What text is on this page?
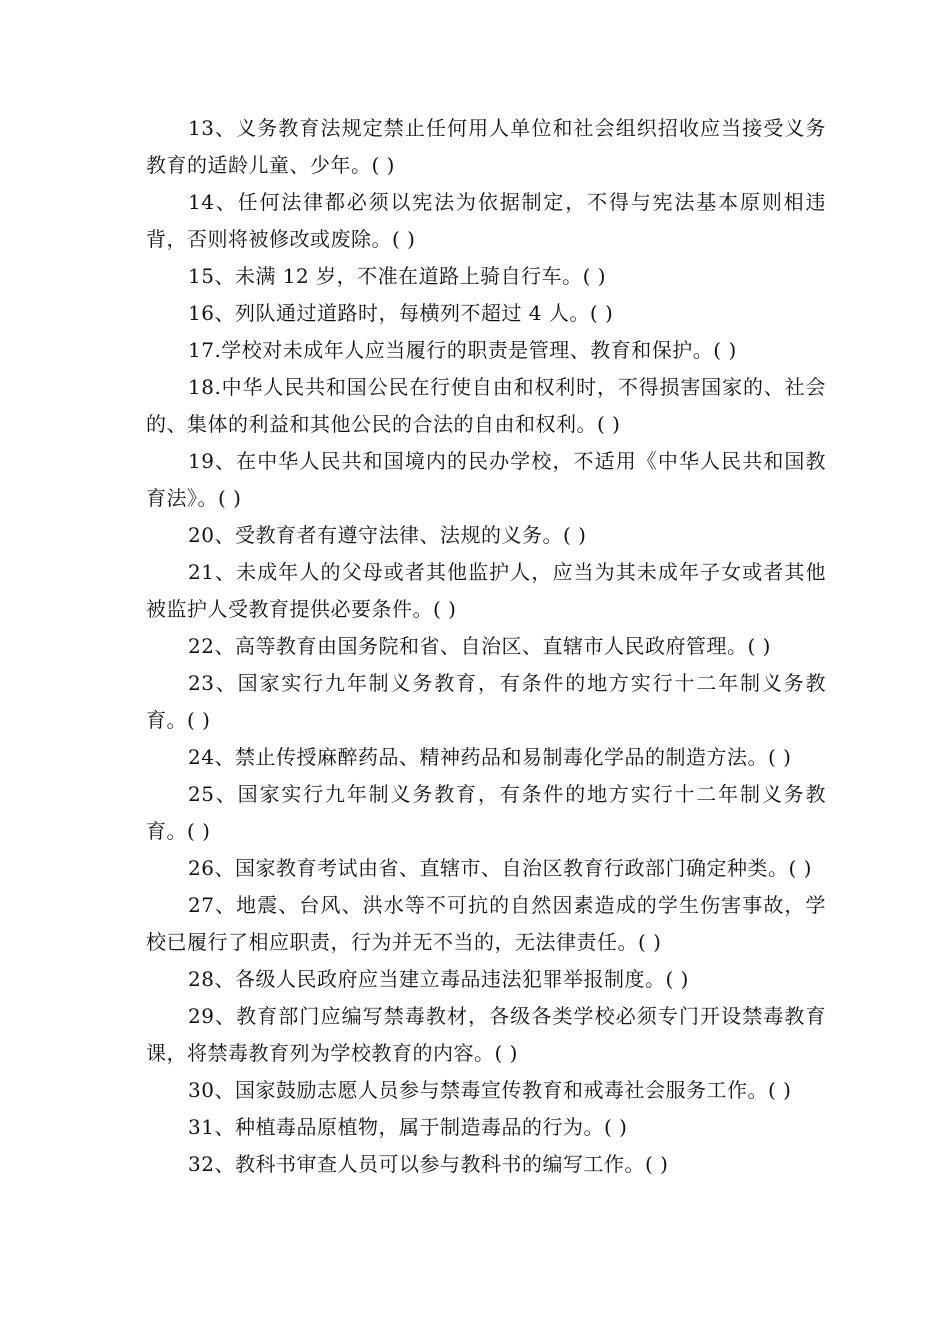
13、义务教育法规定禁止任何用人单位和社会组织招收应当接受义务教育的适龄儿童、少年。( )

14、任何法律都必须以宪法为依据制定，不得与宪法基本原则相违背，否则将被修改或废除。( )

15、未满 12 岁，不准在道路上骑自行车。( )

16、列队通过道路时，每横列不超过 4 人。( )

17.学校对未成年人应当履行的职责是管理、教育和保护。( )

18.中华人民共和国公民在行使自由和权利时，不得损害国家的、社会的、集体的利益和其他公民的合法的自由和权利。( )

19、在中华人民共和国境内的民办学校，不适用《中华人民共和国教育法》。( )

20、受教育者有遵守法律、法规的义务。( )

21、未成年人的父母或者其他监护人，应当为其未成年子女或者其他被监护人受教育提供必要条件。( )

22、高等教育由国务院和省、自治区、直辖市人民政府管理。( )

23、国家实行九年制义务教育，有条件的地方实行十二年制义务教育。( )

24、禁止传授麻醉药品、精神药品和易制毒化学品的制造方法。( )

25、国家实行九年制义务教育，有条件的地方实行十二年制义务教育。( )

26、国家教育考试由省、直辖市、自治区教育行政部门确定种类。( )

27、地震、台风、洪水等不可抗的自然因素造成的学生伤害事故，学校已履行了相应职责，行为并无不当的，无法律责任。( )

28、各级人民政府应当建立毒品违法犯罪举报制度。( )

29、教育部门应编写禁毒教材，各级各类学校必须专门开设禁毒教育课，将禁毒教育列为学校教育的内容。( )

30、国家鼓励志愿人员参与禁毒宣传教育和戒毒社会服务工作。( )

31、种植毒品原植物，属于制造毒品的行为。( )

32、教科书审查人员可以参与教科书的编写工作。( )
